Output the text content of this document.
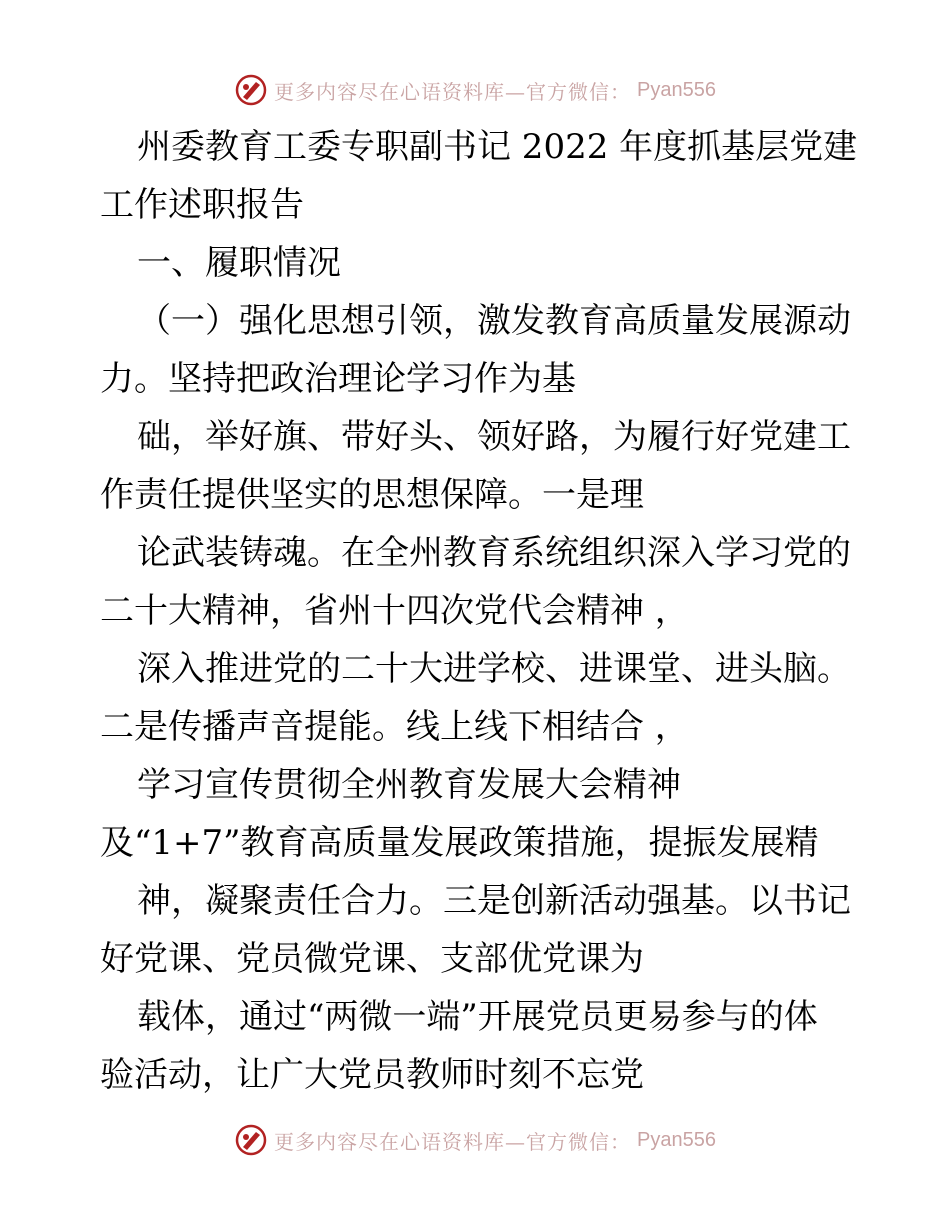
更多内容尽在心语资料库—官方微信： Pyan556
州委教育工委专职副书记 2022 年度抓基层党建
工作述职报告
一、履职情况
（一）强化思想引领，激发教育高质量发展源动
力。坚持把政治理论学习作为基
础，举好旗、带好头、领好路，为履行好党建工
作责任提供坚实的思想保障。一是理
论武装铸魂。在全州教育系统组织深入学习党的
二十大精神，省州十四次党代会精神 ，
深入推进党的二十大进学校、进课堂、进头脑。
二是传播声音提能。线上线下相结合 ，
学习宣传贯彻全州教育发展大会精神
及“1+7”教育高质量发展政策措施，提振发展精
神，凝聚责任合力。三是创新活动强基。以书记
好党课、党员微党课、支部优党课为
载体，通过“两微一端”开展党员更易参与的体
验活动，让广大党员教师时刻不忘党
更多内容尽在心语资料库—官方微信： Pyan556
